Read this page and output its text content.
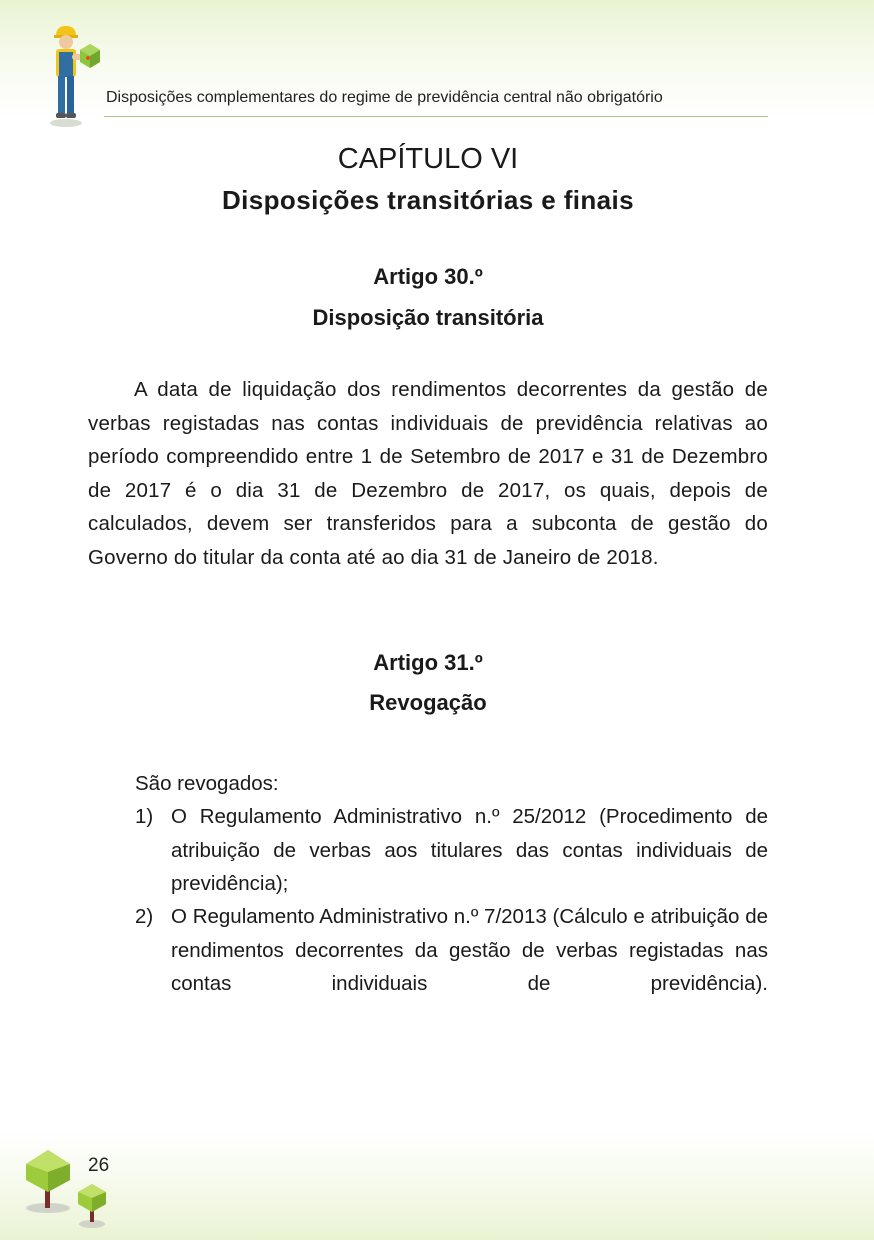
Disposições complementares do regime de previdência central não obrigatório
CAPÍTULO VI
Disposições transitórias e finais
Artigo 30.º
Disposição transitória

A data de liquidação dos rendimentos decorrentes da gestão de verbas registadas nas contas individuais de previdência relativas ao período compreendido entre 1 de Setembro de 2017 e 31 de Dezembro de 2017 é o dia 31 de Dezembro de 2017, os quais, depois de calculados, devem ser transferidos para a subconta de gestão do Governo do titular da conta até ao dia 31 de Janeiro de 2018.

Artigo 31.º
Revogação
São revogados:
1) O Regulamento Administrativo n.º 25/2012 (Procedimento de atribuição de verbas aos titulares das contas individuais de previdência);
2) O Regulamento Administrativo n.º 7/2013 (Cálculo e atribuição de rendimentos decorrentes da gestão de verbas registadas nas contas individuais de previdência).
26
